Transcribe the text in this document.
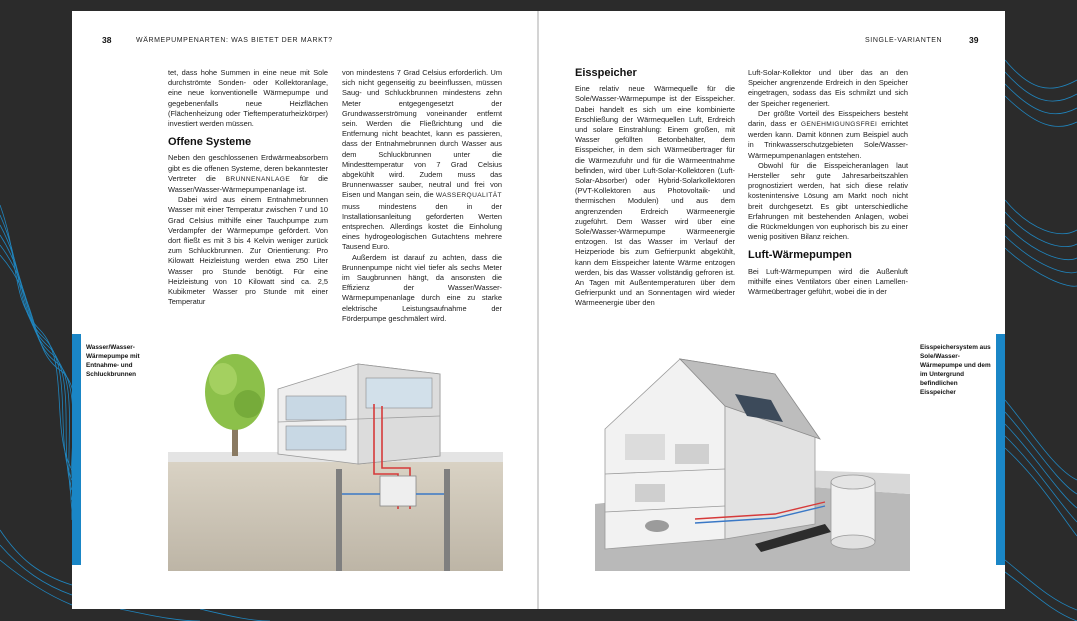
38	WÄRMEPUMPENARTEN: WAS BIETET DER MARKT?

tet, dass hohe Summen in eine neue mit Sole durchströmte Sonden- oder Kollektoranlage, eine neue konventionelle Wärmepumpe und gegebenenfalls neue Heizflächen (Flächenheizung oder Tieftemperaturheizkörper) investiert werden müssen.

Offene Systeme

Neben den geschlossenen Erdwärmeabsorbern gibt es die offenen Systeme, deren bekanntester Vertreter die BRUNNENANLAGE für die Wasser/Wasser-Wärmepumpenanlage ist.

Dabei wird aus einem Entnahmebrunnen Wasser mit einer Temperatur zwischen 7 und 10 Grad Celsius mithilfe einer Tauchpumpe zum Verdampfer der Wärmepumpe gefördert. Von dort fließt es mit 3 bis 4 Kelvin weniger zurück zum Schluckbrunnen. Zur Orientierung: Pro Kilowatt Heizleistung werden etwa 250 Liter Wasser pro Stunde benötigt. Für eine Heizleistung von 10 Kilowatt sind ca. 2,5 Kubikmeter Wasser pro Stunde mit einer Temperatur

von mindestens 7 Grad Celsius erforderlich. Um sich nicht gegenseitig zu beeinflussen, müssen Saug- und Schluckbrunnen mindestens zehn Meter entgegengesetzt der Grundwasserströmung voneinander entfernt sein. Werden die Fließrichtung und die Entfernung nicht beachtet, kann es passieren, dass der Entnahmebrunnen durch Wasser aus dem Schluckbrunnen unter die Mindesttemperatur von 7 Grad Celsius abgekühlt wird. Zudem muss das Brunnenwasser sauber, neutral und frei von Eisen und Mangan sein, die WASSERQUALITÄT muss mindestens den in der Installationsanleitung geforderten Werten entsprechen. Allerdings kostet die Einholung eines hydrogeologischen Gutachtens mehrere Tausend Euro.

Außerdem ist darauf zu achten, dass die Brunnenpumpe nicht viel tiefer als sechs Meter im Saugbrunnen hängt, da ansonsten die Effizienz der Wasser/Wasser-Wärmepumpenanlage durch eine zu starke elektrische Leistungsaufnahme der Förderpumpe geschmälert wird.

Wasser/Wasser-Wärmepumpe mit Entnahme- und Schluckbrunnen
SINGLE-VARIANTEN	39
Eisspeicher

Eine relativ neue Wärmequelle für die Sole/Wasser-Wärmepumpe ist der Eisspeicher. Dabei handelt es sich um eine kombinierte Erschließung der Wärmequellen Luft, Erdreich und solare Einstrahlung: Einem großen, mit Wasser gefüllten Betonbehälter, dem Eisspeicher, in dem sich Wärmeübertrager für die Wärmezufuhr und für die Wärmeentnahme befinden, wird über Luft-Solar-Kollektoren (Luft-Solar-Absorber) oder Hybrid-Solarkollektoren (PVT-Kollektoren aus Photovoltaik- und thermischen Modulen) und aus dem angrenzenden Erdreich Wärmeenergie zugeführt. Dem Wasser wird über eine Sole/Wasser-Wärmepumpe Wärmeenergie entzogen. Ist das Wasser im Verlauf der Heizperiode bis zum Gefrierpunkt abgekühlt, kann dem Eisspeicher latente Wärme entzogen werden, bis das Wasser vollständig gefroren ist. An Tagen mit Außentemperaturen über dem Gefrierpunkt und an Sonnentagen wird wieder Wärmeenergie über den

Luft-Solar-Kollektor und über das an den Speicher angrenzende Erdreich in den Speicher eingetragen, sodass das Eis schmilzt und sich der Speicher regeneriert.

Der größte Vorteil des Eisspeichers besteht darin, dass er GENEHMIGUNGSFREI errichtet werden kann. Damit können zum Beispiel auch in Trinkwasserschutzgebieten Sole/Wasser-Wärmepumpenanlagen entstehen.

Obwohl für die Eisspeicheranlagen laut Hersteller sehr gute Jahresarbeitszahlen prognostiziert werden, hat sich diese relativ kostenintensive Lösung am Markt noch nicht breit durchgesetzt. Es gibt unterschiedliche Erfahrungen mit bestehenden Anlagen, wobei die Rückmeldungen von euphorisch bis zu einer wenig positiven Bilanz reichen.

Luft-Wärmepumpen

Bei Luft-Wärmepumpen wird die Außenluft mithilfe eines Ventilators über einen Lamellen-Wärmeübertrager geführt, wobei die in der

Eisspeichersystem aus Sole/Wasser-Wärmepumpe und dem im Untergrund befindlichen Eisspeicher
